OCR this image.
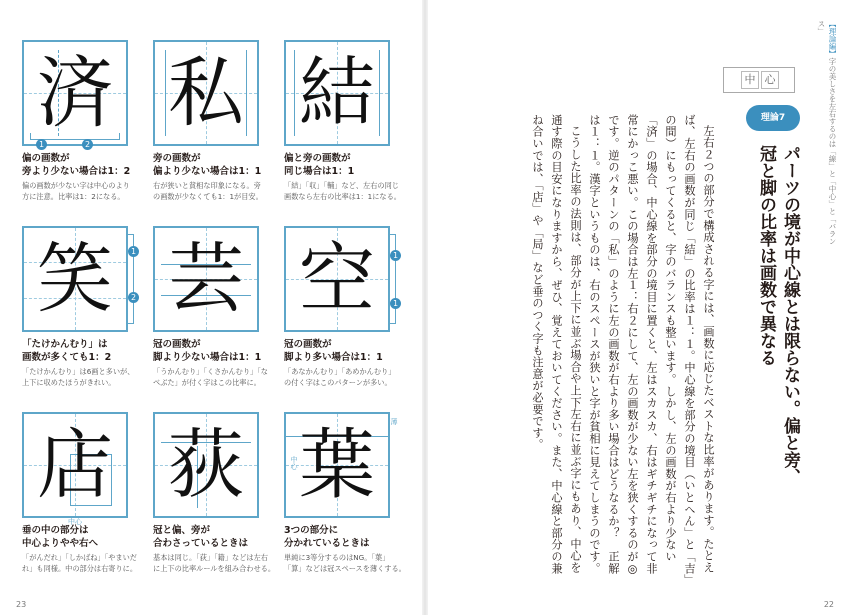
済
1	2
偏の画数が
旁より少ない場合は1：2
偏の画数が少ない字は中心のより
方に注意。比率は1：2になる。
私
旁の画数が
偏より少ない場合は1：1
右が狭いと貧相な印象になる。旁
の画数が少なくても1：1が目安。
結
偏と旁の画数が
同じ場合は1：1
「結」「収」「輔」など、左右の同じ
画数なら左右の比率は1：1になる。
笑	1
2
「たけかんむり」は
画数が多くても1：2
「たけかんむり」は6画と多いが、
上下に収めたほうがきれい。
芸
冠の画数が
脚より少ない場合は1：1
「うかんむり」「くさかんむり」「な
べぶた」が付く字はこの比率に。
空	1
1
冠の画数が
脚より多い場合は1：1
「あなかんむり」「あめかんむり」
の付く字はこのパターンが多い。
店
中心
垂の中の部分は
中心よりやや右へ
「がんだれ」「しかばね」「やまいだ
れ」も同様。中の部分は右寄りに。
荻
冠と偏、旁が
合わさっているときは
基本は同じ。「荻」「籍」などは左右
に上下の比率ルールを組み合わせる。
葉
中心
薄
3つの部分に
分かれているときは
単純に3等分するのはNG。「葉」
「算」などは冠スペースを薄くする。
23	22
【理論編】字の美しさを左右するのは「線」と「中心」と「バランス」
中 心
理論7
パーツの境が中心線とは限らない。偏と旁、冠と脚の比率は画数で異なる

左右２つの部分で構成される字には、画数に応じたベストな比率があります。たとえば、左右の画数が同じ「結」の比率は１：１。中心線を部分の境目（いとへん」と「吉」の間）にもってくると、字のバランスも整います。しかし、左の画数が右より少ない「済」の場合、中心線を部分の境目に置くと、左はスカスカ、右はギチギチになって非常にかっこ悪い。この場合は左１：右２にして、左の画数が少ない左を狭くするのが◎です。逆のパターンの「私」のように左の画数が右より多い場合はどうなるか？　正解は１：１。漢字というものは、右のスペースが狭いと字が貧相に見えてしまうのです。

こうした比率の法則は、部分が上下に並ぶ場合や上下左右に並ぶ字にもあり、中心を通す際の目安になりますから、ぜひ、覚えておいてください。また、中心線と部分の兼ね合いでは、「店」や「局」など垂のつく字も注意が必要です。
